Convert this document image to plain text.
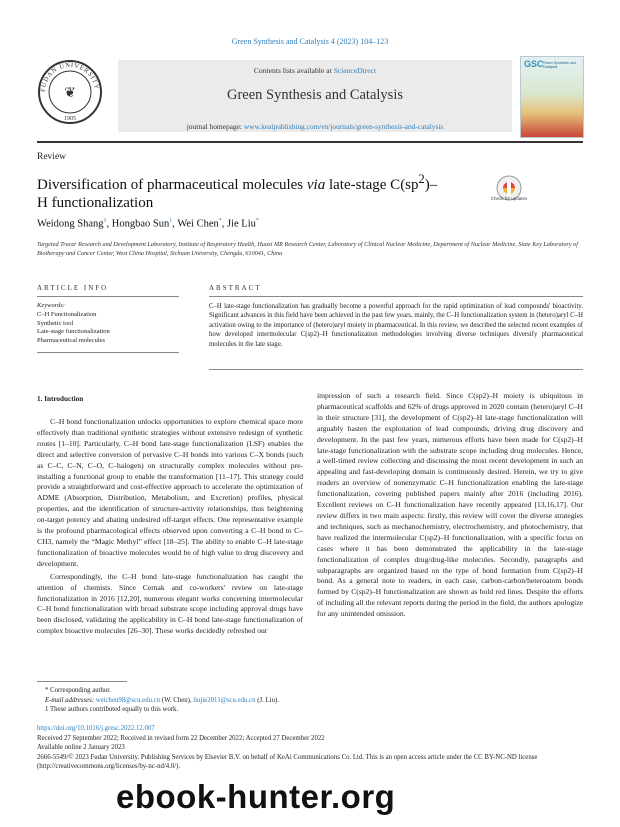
Green Synthesis and Catalysis 4 (2023) 104–123
Contents lists available at ScienceDirect
Green Synthesis and Catalysis
journal homepage: www.keaipublishing.com/en/journals/green-synthesis-and-catalysis
FUDAN UNIVERSITY
❦
1905
GSC Green Synthesis and Catalysis
Review
Diversification of pharmaceutical molecules via late-stage $C(sp^2)-$
H functionalization	Check for updates
Weidong Shang$^1$, Hongbao Sun$^1$, Wei Chen*, Jie Liu*
Targeted Tracer Research and Development Laboratory, Institute of Respiratory Health, Huaxi MR Research Center, Laboratory of Clinical Nuclear Medicine, Department of Nuclear Medicine, State Key Laboratory of Biotherapy and Cancer Center, West China Hospital, Sichuan University, Chengdu, 610041, China
ARTICLE INFO
Keywords:
C–H Functionalization
Synthetic tool
Late-stage functionalization
Pharmaceutical molecules
ABSTRACT
C–H late-stage functionalization has gradually become a powerful approach for the rapid optimization of lead compounds' bioactivity. Significant advances in this field have been achieved in the past few years, mainly, the C–H functionalization system in (hetero)aryl C–H activation owing to the importance of (hetero)aryl moiety in pharmaceutical. In this review, we described the selected recent examples of how developed intermolecular C(sp2)–H functionalization methodologies involving diverse techniques diversify pharmaceutical molecules in the late stage.
1. Introduction

C–H bond functionalization unlocks opportunities to explore chemical space more effectively than traditional synthetic strategies without extensive redesign of synthetic routes [1–10]. Particularly, C–H bond late-stage functionalization (LSF) enables the direct and selective conversion of pervasive C–H bonds into various C–X bonds (such as C–C, C–N, C–O, C–halogen) on structurally complex molecules without pre-installing a functional group to enable the transformation [11–17]. This strategy could provide a straightforward and cost-effective approach to accelerate the optimization of ADME (Absorption, Distribution, Metabolism, and Excretion) profiles, physical properties, and the identification of structure-activity relationships, thus heightening on-target potency and abating undesired off-target effects. One representative example is the profound pharmacological effects observed upon converting a C–H bond to C–CH3, namely the “Magic Methyl” effect [18–25]. The ability to enable C–H late-stage functionalization of bioactive molecules would be of high value to drug discovery and development.

Correspondingly, the C–H bond late-stage functionalization has caught the attention of chemists. Since Cernak and co-workers' review on late-stage functionalization in 2016 [12,20], numerous elegant works concerning intermolecular C–H bond functionalization with broad substrate scope including approval drugs have been disclosed, validating the applicability in C–H bond late-stage functionalization of complex bioactive molecules [26–30]. These works decidedly refreshed our

impression of such a research field. Since C(sp2)–H moiety is ubiquitous in pharmaceutical scaffolds and 62% of drugs approved in 2020 contain (hetero)aryl C–H in their structure [31], the development of C(sp2)–H late-stage functionalization will arguably hasten the exploitation of lead compounds, driving drug discovery and development. In the past few years, numerous efforts have been made for C(sp2)–H late-stage functionalization with the substrate scope including drug molecules. Hence, a well-timed review collecting and discussing the most recent development in such an appealing and fast-developing domain is continuously desired. Herein, we try to give readers an overview of nonenzymatic C–H functionalization enabling the late-stage functionalization, covering published papers mainly after 2016 (including 2016). Excellent reviews on C–H functionalization have recently appeared [13,16,17]. Our review differs in two main aspects: firstly, this review will cover the diverse strategies and techniques, such as mechanochemistry, electrochemistry, and photochemistry, that have realized the intermolecular C(sp2)–H functionalization, with a specific focus on cases where it has been demonstrated the applicability in the late-stage functionalization of complex drug/drug-like molecules. Secondly, paragraphs and subparagraphs are organized based on the type of bond formation from C(sp2)–H bond. As a general note to readers, in each case, carbon-carbon/heteroatom bonds formed by C(sp2)–H functionalization are shown as bold red lines. Despite the efforts of including all the relevant reports during the period in the field, the authors apologize for any unintended omission.

* Corresponding author.
E-mail addresses: weichen98@scu.edu.cn (W. Chen), liujie2011@scu.edu.cn (J. Liu).
1 These authors contributed equally to this work.
https://doi.org/10.1016/j.gresc.2022.12.007
Received 27 September 2022; Received in revised form 22 December 2022; Accepted 27 December 2022
Available online 2 January 2023
2666-5549/© 2023 Fudan University. Publishing Services by Elsevier B.V. on behalf of KeAi Communications Co. Ltd. This is an open access article under the CC BY-NC-ND license (http://creativecommons.org/licenses/by-nc-nd/4.0/).
ebook-hunter.org
